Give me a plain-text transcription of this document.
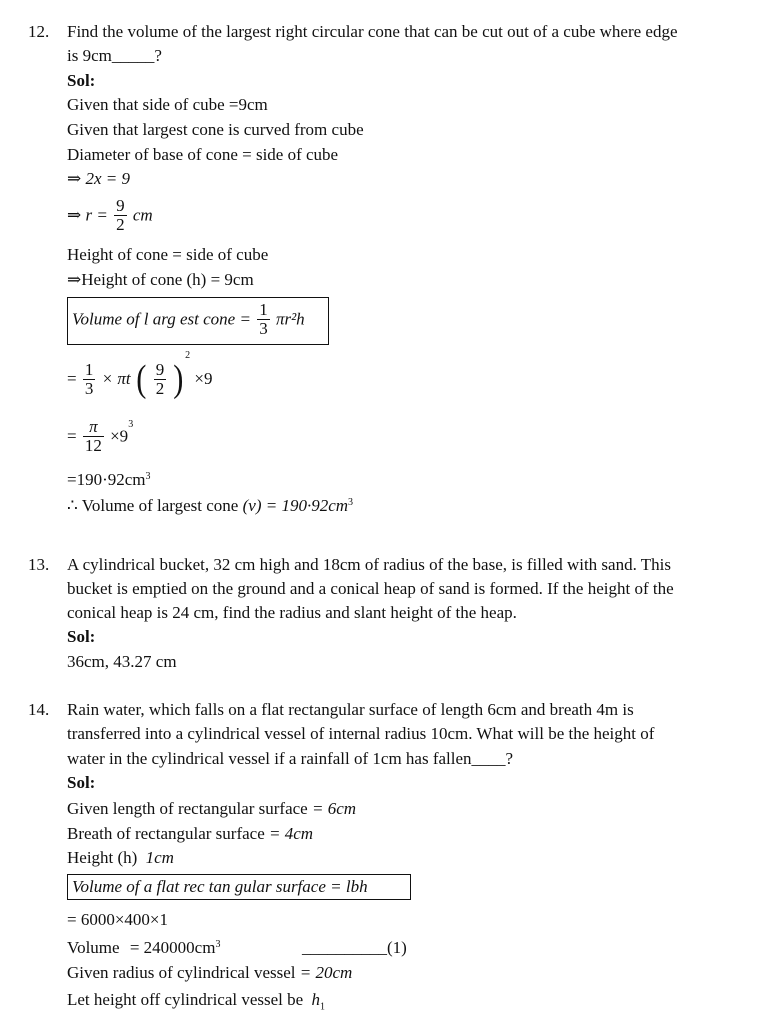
12. Find the volume of the largest right circular cone that can be cut out of a cube where edge
is 9cm_____?
Sol:
Given that side of cube =9cm
Given that largest cone is curved from cube
Diameter of base of cone = side of cube
⇒ 2x = 9
⇒ $r = \frac{9}{2}$ cm
Height of cone = side of cube
⇒Height of cone (h) = 9cm
Volume of l arg est cone = $\frac{1}{3} \pi r^2h$
= $\frac{1}{3} \times \pi t$ ( $\frac{9}{2} )^2 \times 9$
= $\frac{\pi}{12} \times 9^3$
$=190\cdot 92cm^3$
∴ Volume of largest cone $(v) = 190\cdot 92cm^3$
13. A cylindrical bucket, 32 cm high and 18cm of radius of the base, is filled with sand. This
bucket is emptied on the ground and a conical heap of sand is formed. If the height of the
conical heap is 24 cm, find the radius and slant height of the heap.
Sol:
36cm, 43.27 cm
14. Rain water, which falls on a flat rectangular surface of length 6cm and breath 4m is
transferred into a cylindrical vessel of internal radius 10cm. What will be the height of
water in the cylindrical vessel if a rainfall of 1cm has fallen____?
Sol:
Given length of rectangular surface = 6cm
Breath of rectangular surface = 4cm
Height (h) 1cm
Volume of a flat rec tan gular surface = lbh
= 6000×400×1
Volume = $240000cm^3$	__________(1)
Given radius of cylindrical vessel = 20cm
Let height off cylindrical vessel be $h_1$
